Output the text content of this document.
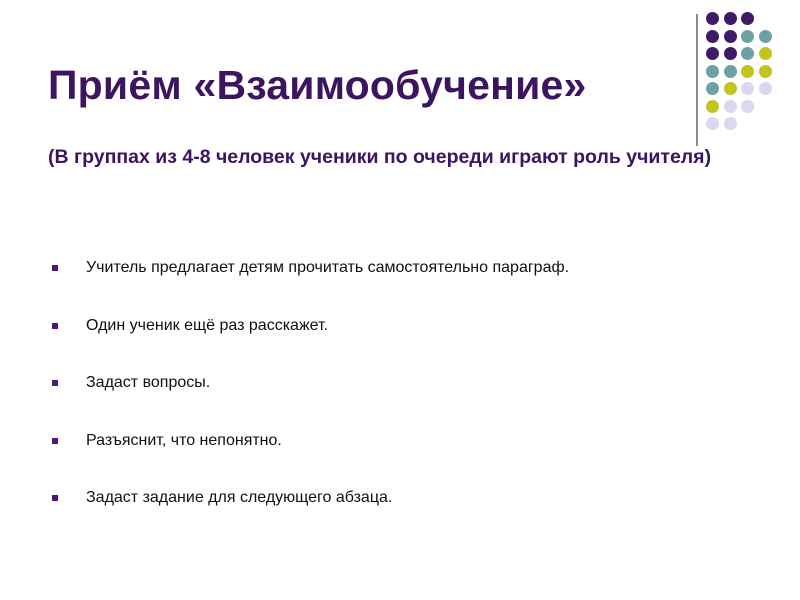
Приём «Взаимообучение»

(В группах из 4-8 человек ученики по очереди играют роль учителя)

Учитель предлагает детям прочитать самостоятельно параграф.
Один ученик ещё раз расскажет.
Задаст вопросы.
Разъяснит, что непонятно.
Задаст задание для следующего абзаца.
